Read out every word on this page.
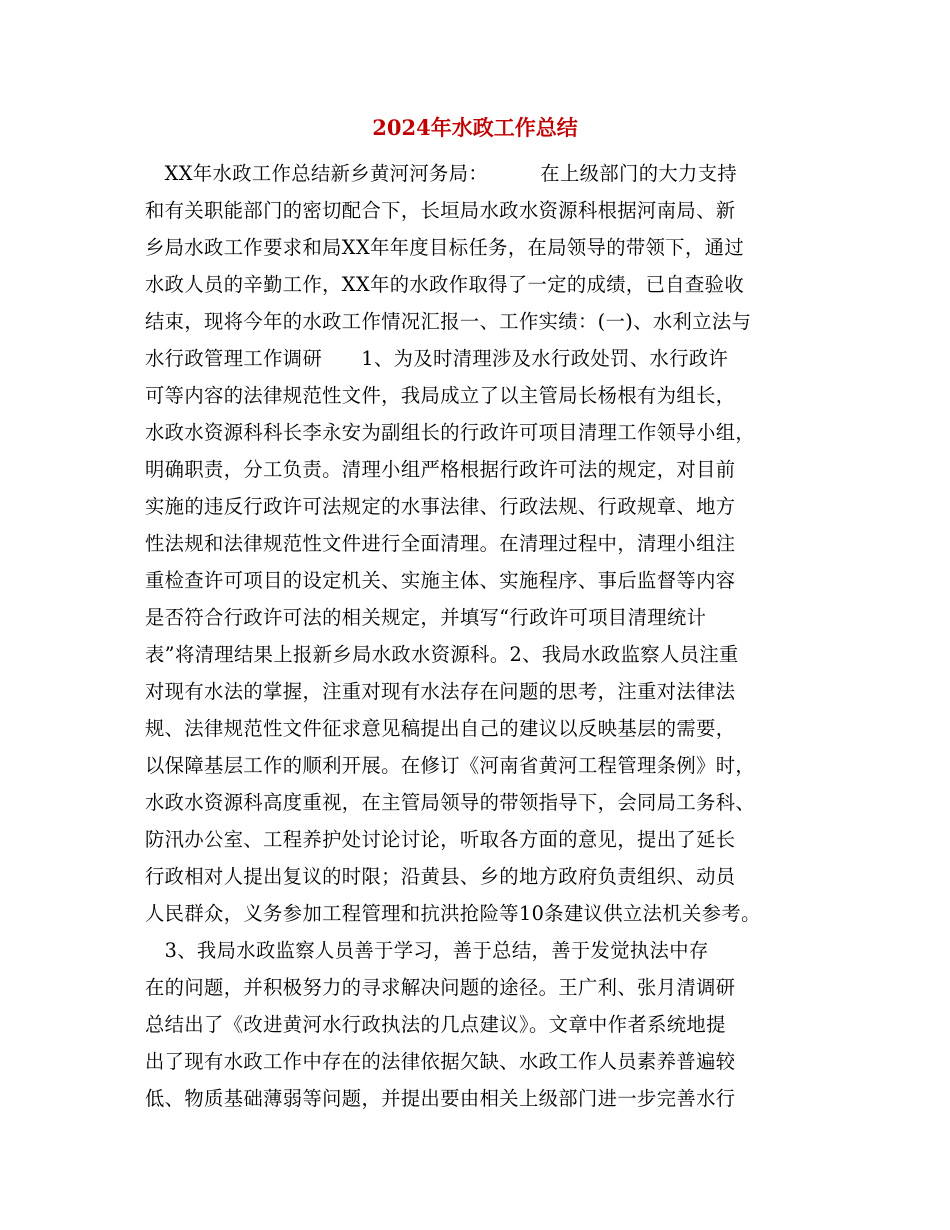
2024年水政工作总结
XX年水政工作总结新乡黄河河务局：        在上级部门的大力支持
和有关职能部门的密切配合下，长垣局水政水资源科根据河南局、新
乡局水政工作要求和局XX年年度目标任务，在局领导的带领下，通过
水政人员的辛勤工作，XX年的水政作取得了一定的成绩，已自查验收
结束，现将今年的水政工作情况汇报一、工作实绩：(一)、水利立法与
水行政管理工作调研      1、为及时清理涉及水行政处罚、水行政许
可等内容的法律规范性文件，我局成立了以主管局长杨根有为组长，
水政水资源科科长李永安为副组长的行政许可项目清理工作领导小组，
明确职责，分工负责。清理小组严格根据行政许可法的规定，对目前
实施的违反行政许可法规定的水事法律、行政法规、行政规章、地方
性法规和法律规范性文件进行全面清理。在清理过程中，清理小组注
重检查许可项目的设定机关、实施主体、实施程序、事后监督等内容
是否符合行政许可法的相关规定，并填写“行政许可项目清理统计
表”将清理结果上报新乡局水政水资源科。2、我局水政监察人员注重
对现有水法的掌握，注重对现有水法存在问题的思考，注重对法律法
规、法律规范性文件征求意见稿提出自己的建议以反映基层的需要，
以保障基层工作的顺利开展。在修订《河南省黄河工程管理条例》时，
水政水资源科高度重视，在主管局领导的带领指导下，会同局工务科、
防汛办公室、工程养护处讨论讨论，听取各方面的意见，提出了延长
行政相对人提出复议的时限；沿黄县、乡的地方政府负责组织、动员
人民群众，义务参加工程管理和抗洪抢险等10条建议供立法机关参考。
3、我局水政监察人员善于学习，善于总结，善于发觉执法中存
在的问题，并积极努力的寻求解决问题的途径。王广利、张月清调研
总结出了《改进黄河水行政执法的几点建议》。文章中作者系统地提
出了现有水政工作中存在的法律依据欠缺、水政工作人员素养普遍较
低、物质基础薄弱等问题，并提出要由相关上级部门进一步完善水行
